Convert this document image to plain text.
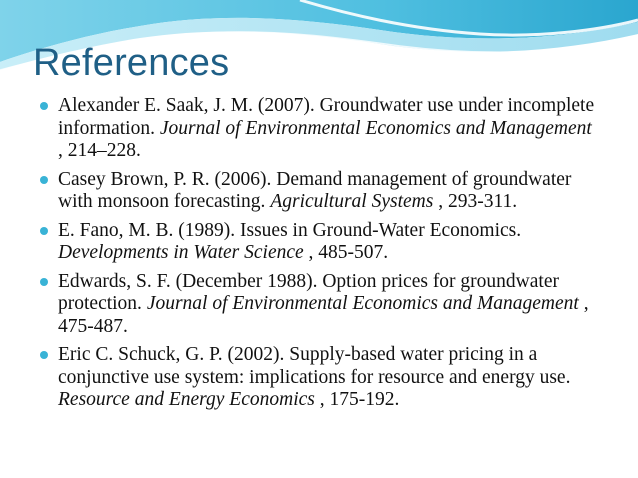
References
Alexander E. Saak, J. M. (2007). Groundwater use under incomplete information. Journal of Environmental Economics and Management , 214–228.
Casey Brown, P. R. (2006). Demand management of groundwater with monsoon forecasting. Agricultural Systems , 293-311.
E. Fano, M. B. (1989). Issues in Ground-Water Economics. Developments in Water Science , 485-507.
Edwards, S. F. (December 1988). Option prices for groundwater protection. Journal of Environmental Economics and Management , 475-487.
Eric C. Schuck, G. P. (2002). Supply-based water pricing in a conjunctive use system: implications for resource and energy use. Resource and Energy Economics , 175-192.
